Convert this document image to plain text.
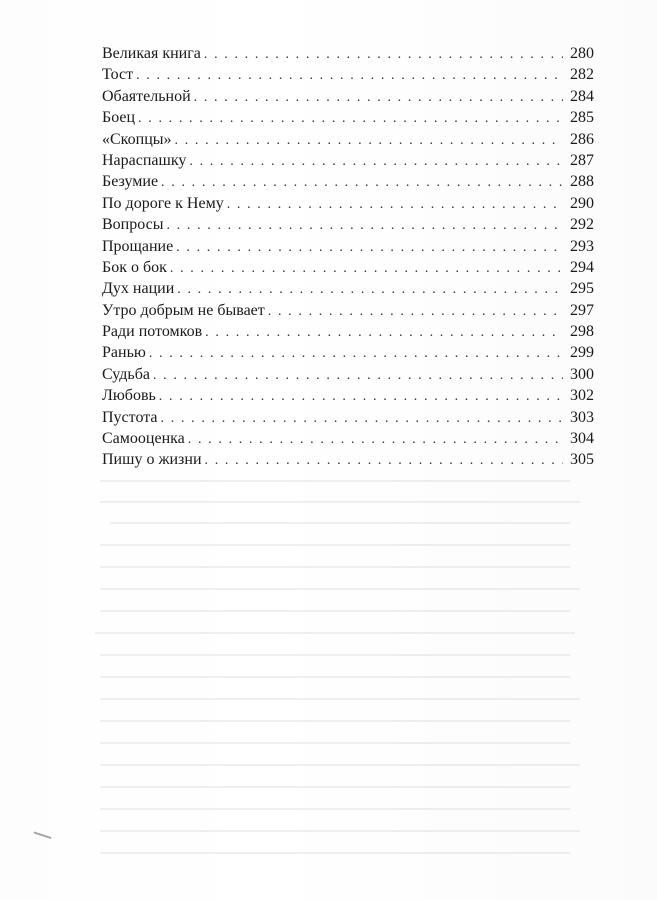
Великая книга . . .	280
Тост . . .	282
Обаятельной . . .	284
Боец . . .	285
«Скопцы» . . .	286
Нараспашку . . .	287
Безумие . . .	288
По дороге к Нему . . .	290
Вопросы . . .	292
Прощание . . .	293
Бок о бок . . .	294
Дух нации . . .	295
Утро добрым не бывает . . .	297
Ради потомков . . .	298
Ранью . . .	299
Судьба . . .	300
Любовь . . .	302
Пустота . . .	303
Самооценка . . .	304
Пишу о жизни . . .	305
